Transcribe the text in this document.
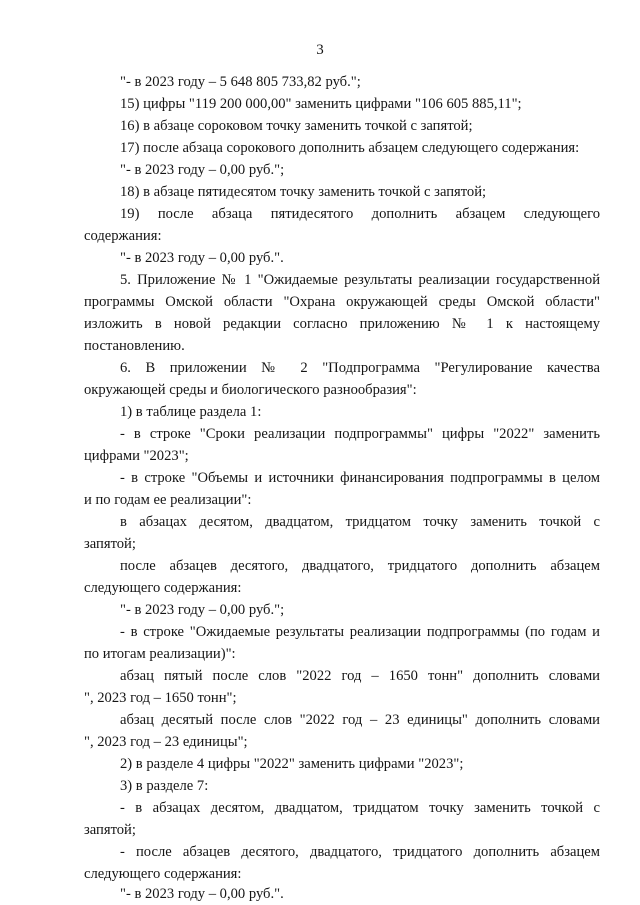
3
"- в 2023 году – 5 648 805 733,82 руб.";
15) цифры "119 200 000,00" заменить цифрами "106 605 885,11";
16) в абзаце сороковом точку заменить точкой с запятой;
17) после абзаца сорокового дополнить абзацем следующего содержания:
"- в 2023 году – 0,00 руб.";
18) в абзаце пятидесятом точку заменить точкой с запятой;
19) после абзаца пятидесятого дополнить абзацем следующего
содержания:
"- в 2023 году – 0,00 руб.".
5. Приложение № 1 "Ожидаемые результаты реализации государственной
программы Омской области "Охрана окружающей среды Омской области"
изложить в новой редакции согласно приложению № 1 к настоящему
постановлению.
6. В приложении № 2 "Подпрограмма "Регулирование качества
окружающей среды и биологического разнообразия":
1) в таблице раздела 1:
- в строке "Сроки реализации подпрограммы" цифры "2022" заменить
цифрами "2023";
- в строке "Объемы и источники финансирования подпрограммы в целом
и по годам ее реализации":
в абзацах десятом, двадцатом, тридцатом точку заменить точкой с
запятой;
после абзацев десятого, двадцатого, тридцатого дополнить абзацем
следующего содержания:
"- в 2023 году – 0,00 руб.";
- в строке "Ожидаемые результаты реализации подпрограммы (по годам и
по итогам реализации)":
абзац пятый после слов "2022 год – 1650 тонн" дополнить словами
", 2023 год – 1650 тонн";
абзац десятый после слов "2022 год – 23 единицы" дополнить словами
", 2023 год – 23 единицы";
2) в разделе 4 цифры "2022" заменить цифрами "2023";
3) в разделе 7:
- в абзацах десятом, двадцатом, тридцатом точку заменить точкой с
запятой;
- после абзацев десятого, двадцатого, тридцатого дополнить абзацем
следующего содержания:
"- в 2023 году – 0,00 руб.".
